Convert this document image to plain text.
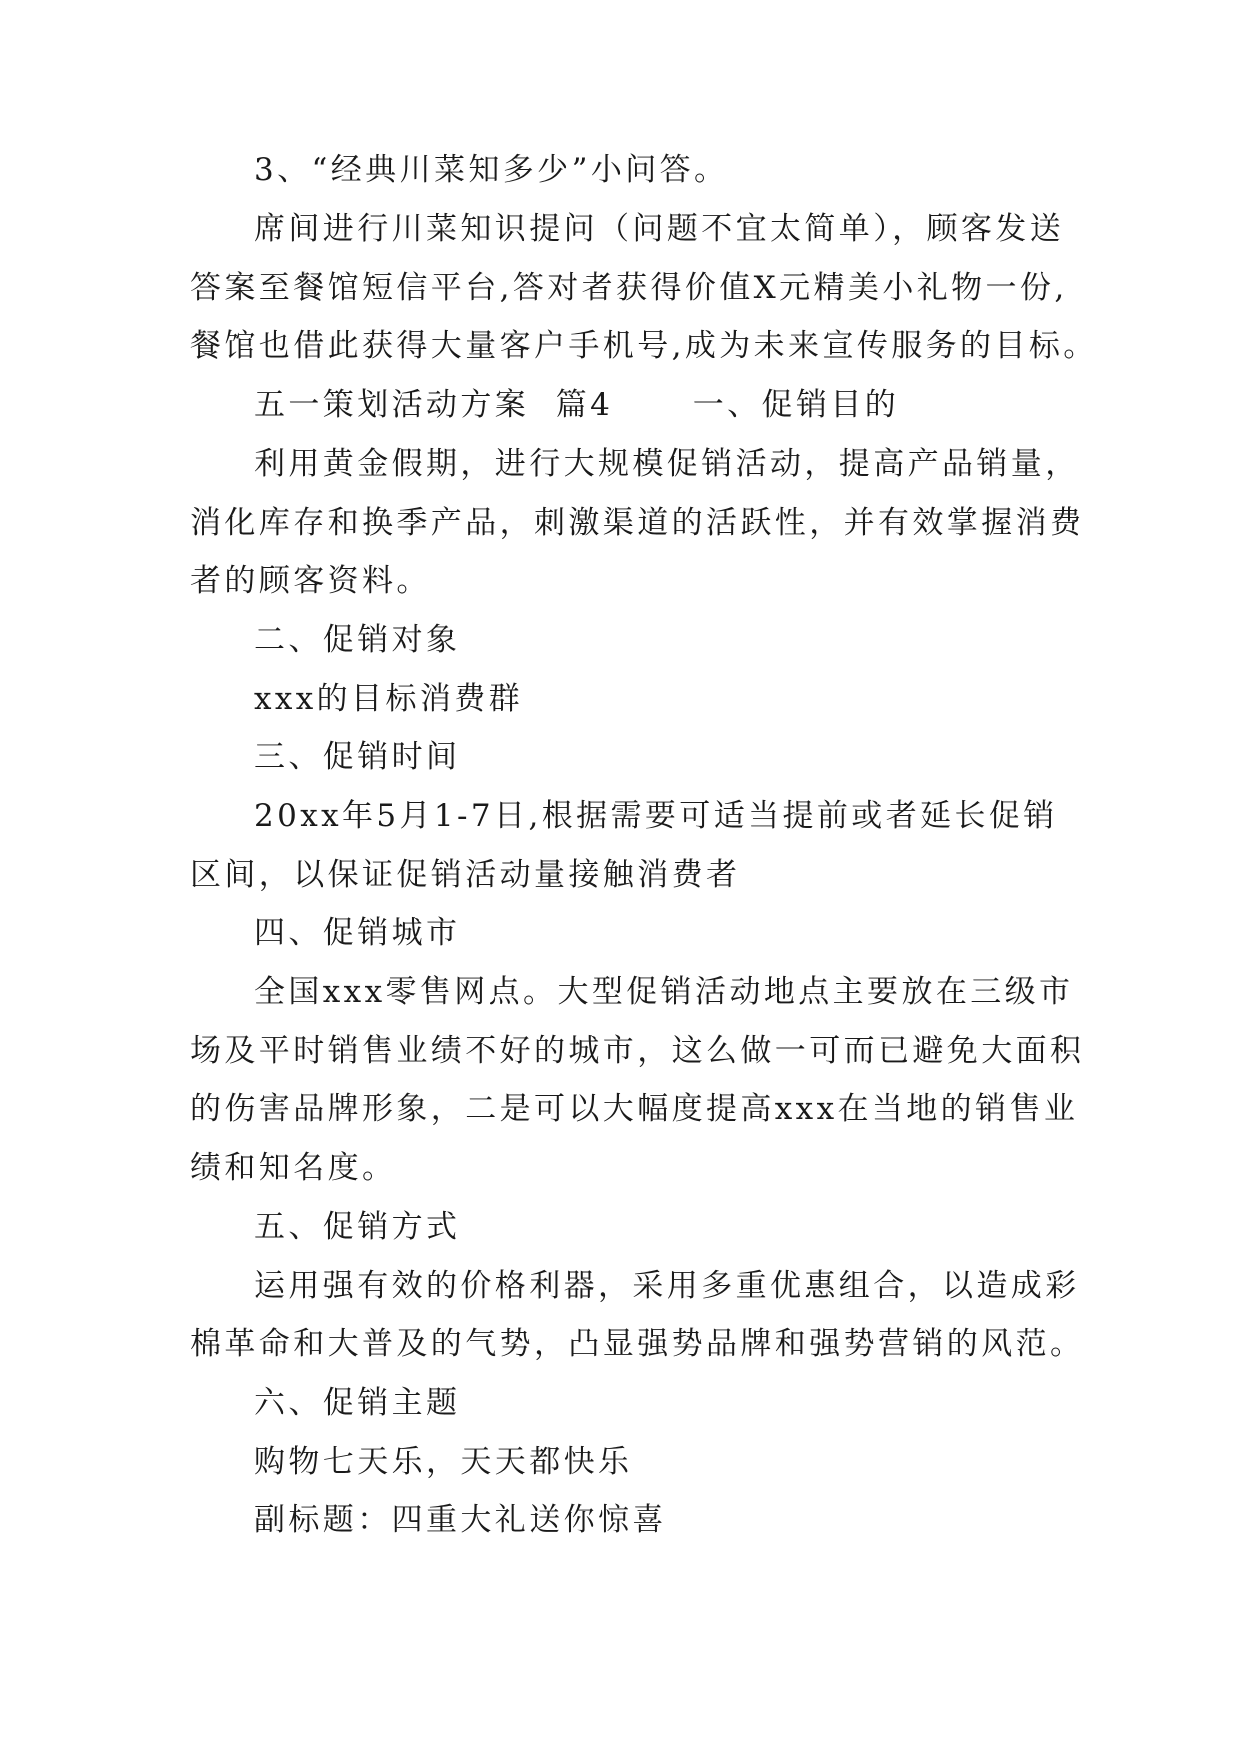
3、“经典川菜知多少”小问答。

席间进行川菜知识提问（问题不宜太简单），顾客发送

答案至餐馆短信平台,答对者获得价值X元精美小礼物一份,

餐馆也借此获得大量客户手机号,成为未来宣传服务的目标。

五一策划活动方案  篇4      一、促销目的

利用黄金假期，进行大规模促销活动，提高产品销量，

消化库存和换季产品，刺激渠道的活跃性，并有效掌握消费

者的顾客资料。

二、促销对象

xxx的目标消费群

三、促销时间

20xx年5月1-7日,根据需要可适当提前或者延长促销

区间，以保证促销活动量接触消费者

四、促销城市

全国xxx零售网点。大型促销活动地点主要放在三级市

场及平时销售业绩不好的城市，这么做一可而已避免大面积

的伤害品牌形象，二是可以大幅度提高xxx在当地的销售业

绩和知名度。

五、促销方式

运用强有效的价格利器，采用多重优惠组合，以造成彩

棉革命和大普及的气势，凸显强势品牌和强势营销的风范。

六、促销主题

购物七天乐，天天都快乐

副标题：四重大礼送你惊喜
